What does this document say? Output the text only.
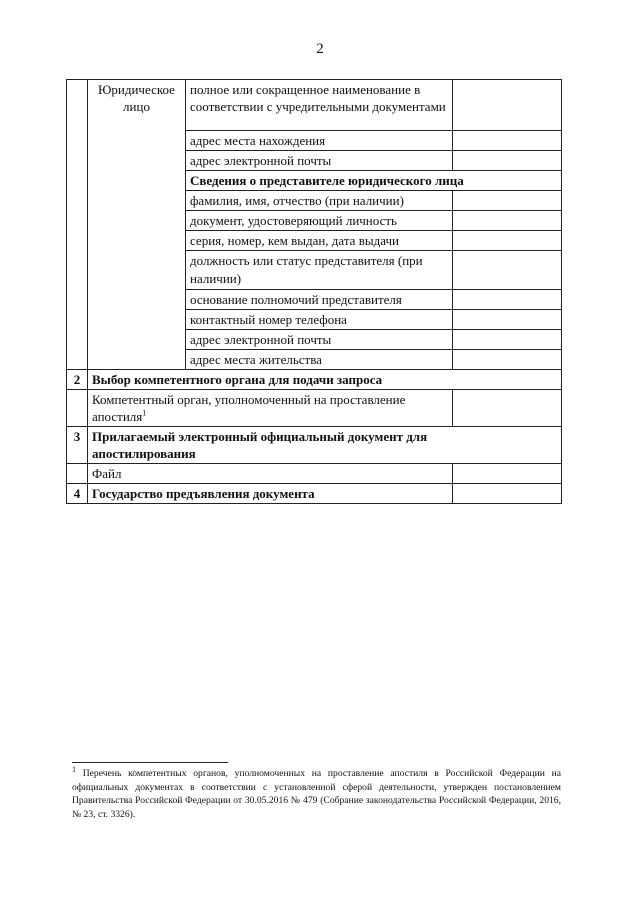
2
	Юридическое лицо	полное или сокращенное наименование в соответствии с учредительными документами	
		адрес места нахождения	
		адрес электронной почты	
		Сведения о представителе юридического лица	
		фамилия, имя, отчество (при наличии)	
		документ, удостоверяющий личность	
		серия, номер, кем выдан, дата выдачи	
		должность или статус представителя (при наличии)	
		основание полномочий представителя	
		контактный номер телефона	
		адрес электронной почты	
		адрес места жительства	
2	Выбор компетентного органа для подачи запроса		
	Компетентный орган, уполномоченный на проставление апостиля$^1$	
3	Прилагаемый электронный официальный документ для апостилирования		
	Файл		
4	Государство предъявления документа		
$^1$ Перечень компетентных органов, уполномоченных на проставление апостиля в Российской Федерации на официальных документах в соответствии с установленной сферой деятельности, утвержден постановлением Правительства Российской Федерации от 30.05.2016 № 479 (Собрание законодательства Российской Федерации, 2016, № 23, ст. 3326).
